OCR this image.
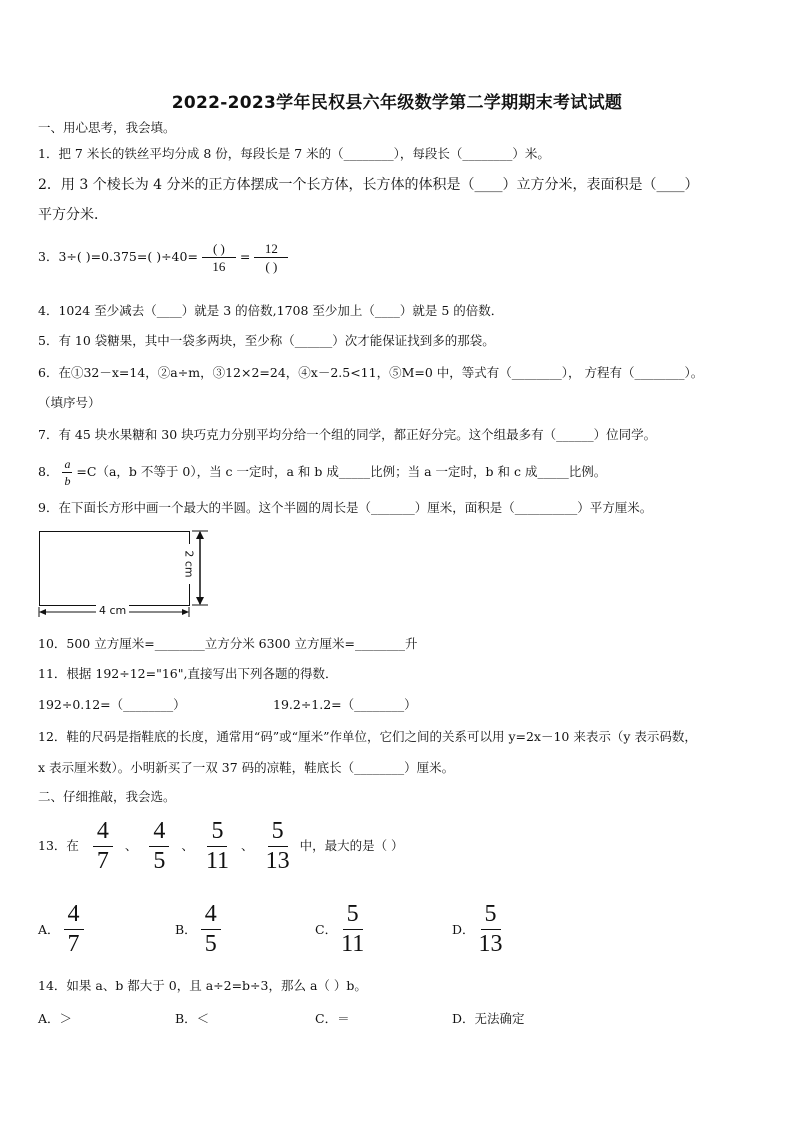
2022-2023学年民权县六年级数学第二学期期末考试试题
一、用心思考，我会填。
1．把 7 米长的铁丝平均分成 8 份，每段长是 7 米的（________），每段长（________）米。
2．用 3 个棱长为 4 分米的正方体摆成一个长方体，长方体的体积是（____）立方分米，表面积是（____）
平方分米．
3．3÷( )=0.375=( )$\div 40= \frac{( )}{16} = \frac{12}{( )}$
4．1024 至少减去（____）就是 3 的倍数,1708 至少加上（____）就是 5 的倍数．
5．有 10 袋糖果，其中一袋多两块，至少称（______）次才能保证找到多的那袋。
6．在①32－x=14，②a÷m，③12×2=24，④x－2.5<11，⑤M=0 中，等式有（________）， 方程有（________）。
（填序号）
7．有 45 块水果糖和 30 块巧克力分别平均分给一个组的同学，都正好分完。这个组最多有（______）位同学。
8． $\frac{a}{b} =C(a$，b 不等于 0），当 c 一定时，a 和 b 成_____比例；当 a 一定时，b 和 c 成_____比例。
9．在下面长方形中画一个最大的半圆。这个半圆的周长是（_______）厘米，面积是（__________）平方厘米。
2 cm
4 cm
10．500 立方厘米=________立方分米 6300 立方厘米=________升
11．根据 192÷12="16",直接写出下列各题的得数．
192÷0.12=（________）	19.2÷1.2=（________）
12．鞋的尺码是指鞋底的长度，通常用“码”或“厘米”作单位，它们之间的关系可以用 y=2x－10 来表示（y 表示码数，
x 表示厘米数）。小明新买了一双 37 码的凉鞋，鞋底长（________）厘米。
二、仔细推敲，我会选。
13．在 $\frac{4}{7}$ 、 $\frac{4}{5}$ 、 $\frac{5}{11}$ 、 $\frac{5}{13}$ 中，最大的是（ ）
A． $\frac{4}{7}$	B． $\frac{4}{5}$	C． $\frac{5}{11}$	D． $\frac{5}{13}$
14．如果 a、b 都大于 0，且 a÷2=b÷3，那么 a（ ）b。
A．＞	B．＜	C．＝	D．无法确定
